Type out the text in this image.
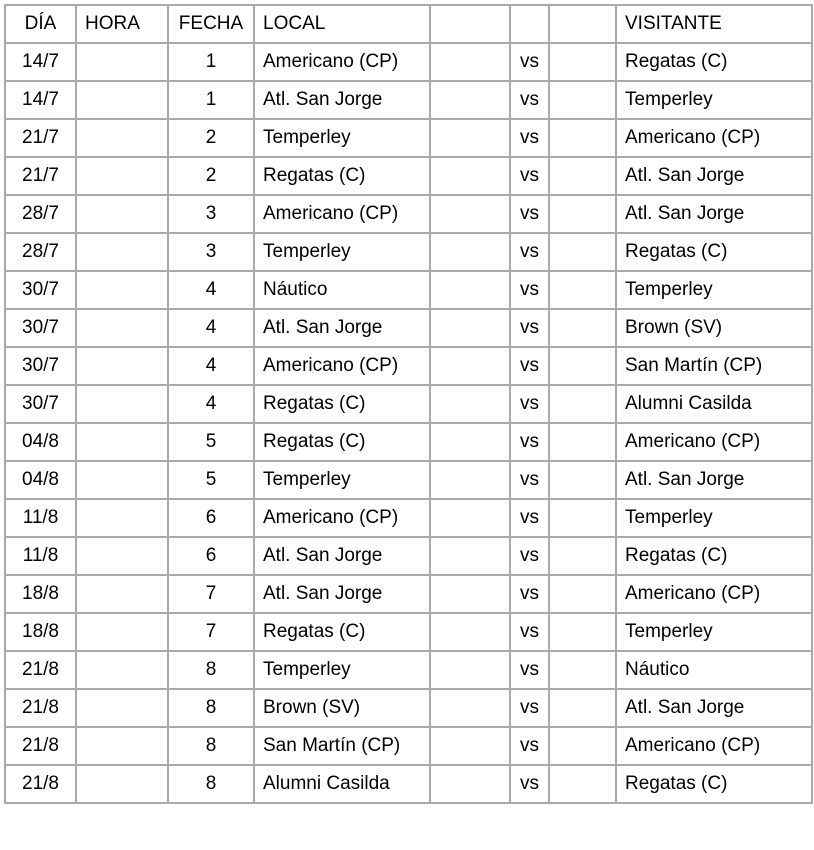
DÍA	HORA	FECHA	LOCAL				VISITANTE
14/7		1	Americano (CP)		vs		Regatas (C)
14/7		1	Atl. San Jorge		vs		Temperley
21/7		2	Temperley		vs		Americano (CP)
21/7		2	Regatas (C)		vs		Atl. San Jorge
28/7		3	Americano (CP)		vs		Atl. San Jorge
28/7		3	Temperley		vs		Regatas (C)
30/7		4	Náutico		vs		Temperley
30/7		4	Atl. San Jorge		vs		Brown (SV)
30/7		4	Americano (CP)		vs		San Martín (CP)
30/7		4	Regatas (C)		vs		Alumni Casilda
04/8		5	Regatas (C)		vs		Americano (CP)
04/8		5	Temperley		vs		Atl. San Jorge
11/8		6	Americano (CP)		vs		Temperley
11/8		6	Atl. San Jorge		vs		Regatas (C)
18/8		7	Atl. San Jorge		vs		Americano (CP)
18/8		7	Regatas (C)		vs		Temperley
21/8		8	Temperley		vs		Náutico
21/8		8	Brown (SV)		vs		Atl. San Jorge
21/8		8	San Martín (CP)		vs		Americano (CP)
21/8		8	Alumni Casilda		vs		Regatas (C)
